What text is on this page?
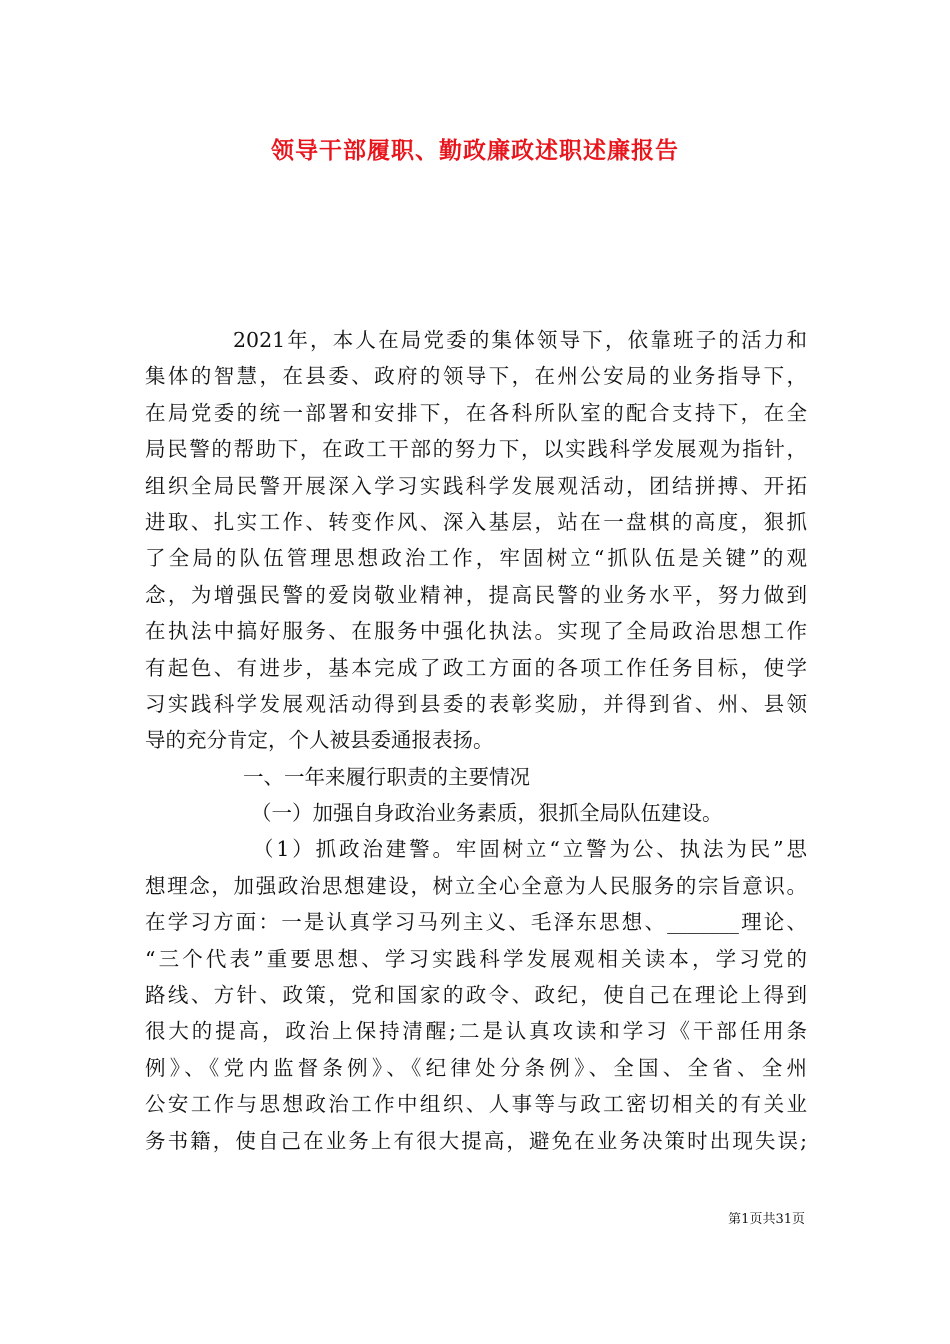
领导干部履职、勤政廉政述职述廉报告
2021年，本人在局党委的集体领导下，依靠班子的活力和
集体的智慧，在县委、政府的领导下，在州公安局的业务指导下，
在局党委的统一部署和安排下，在各科所队室的配合支持下，在全
局民警的帮助下，在政工干部的努力下，以实践科学发展观为指针，
组织全局民警开展深入学习实践科学发展观活动，团结拼搏、开拓
进取、扎实工作、转变作风、深入基层，站在一盘棋的高度，狠抓
了全局的队伍管理思想政治工作，牢固树立“抓队伍是关键”的观
念，为增强民警的爱岗敬业精神，提高民警的业务水平，努力做到
在执法中搞好服务、在服务中强化执法。实现了全局政治思想工作
有起色、有进步，基本完成了政工方面的各项工作任务目标，使学
习实践科学发展观活动得到县委的表彰奖励，并得到省、州、县领
导的充分肯定，个人被县委通报表扬。
一、一年来履行职责的主要情况
（一）加强自身政治业务素质，狠抓全局队伍建设。
（1）抓政治建警。牢固树立“立警为公、执法为民”思
想理念，加强政治思想建设，树立全心全意为人民服务的宗旨意识。
在学习方面：一是认真学习马列主义、毛泽东思想、_______理论、
“三个代表”重要思想、学习实践科学发展观相关读本，学习党的
路线、方针、政策，党和国家的政令、政纪，使自己在理论上得到
很大的提高，政治上保持清醒;二是认真攻读和学习《干部任用条
例》、《党内监督条例》、《纪律处分条例》、全国、全省、全州
公安工作与思想政治工作中组织、人事等与政工密切相关的有关业
务书籍，使自己在业务上有很大提高，避免在业务决策时出现失误;
第1页共31页
